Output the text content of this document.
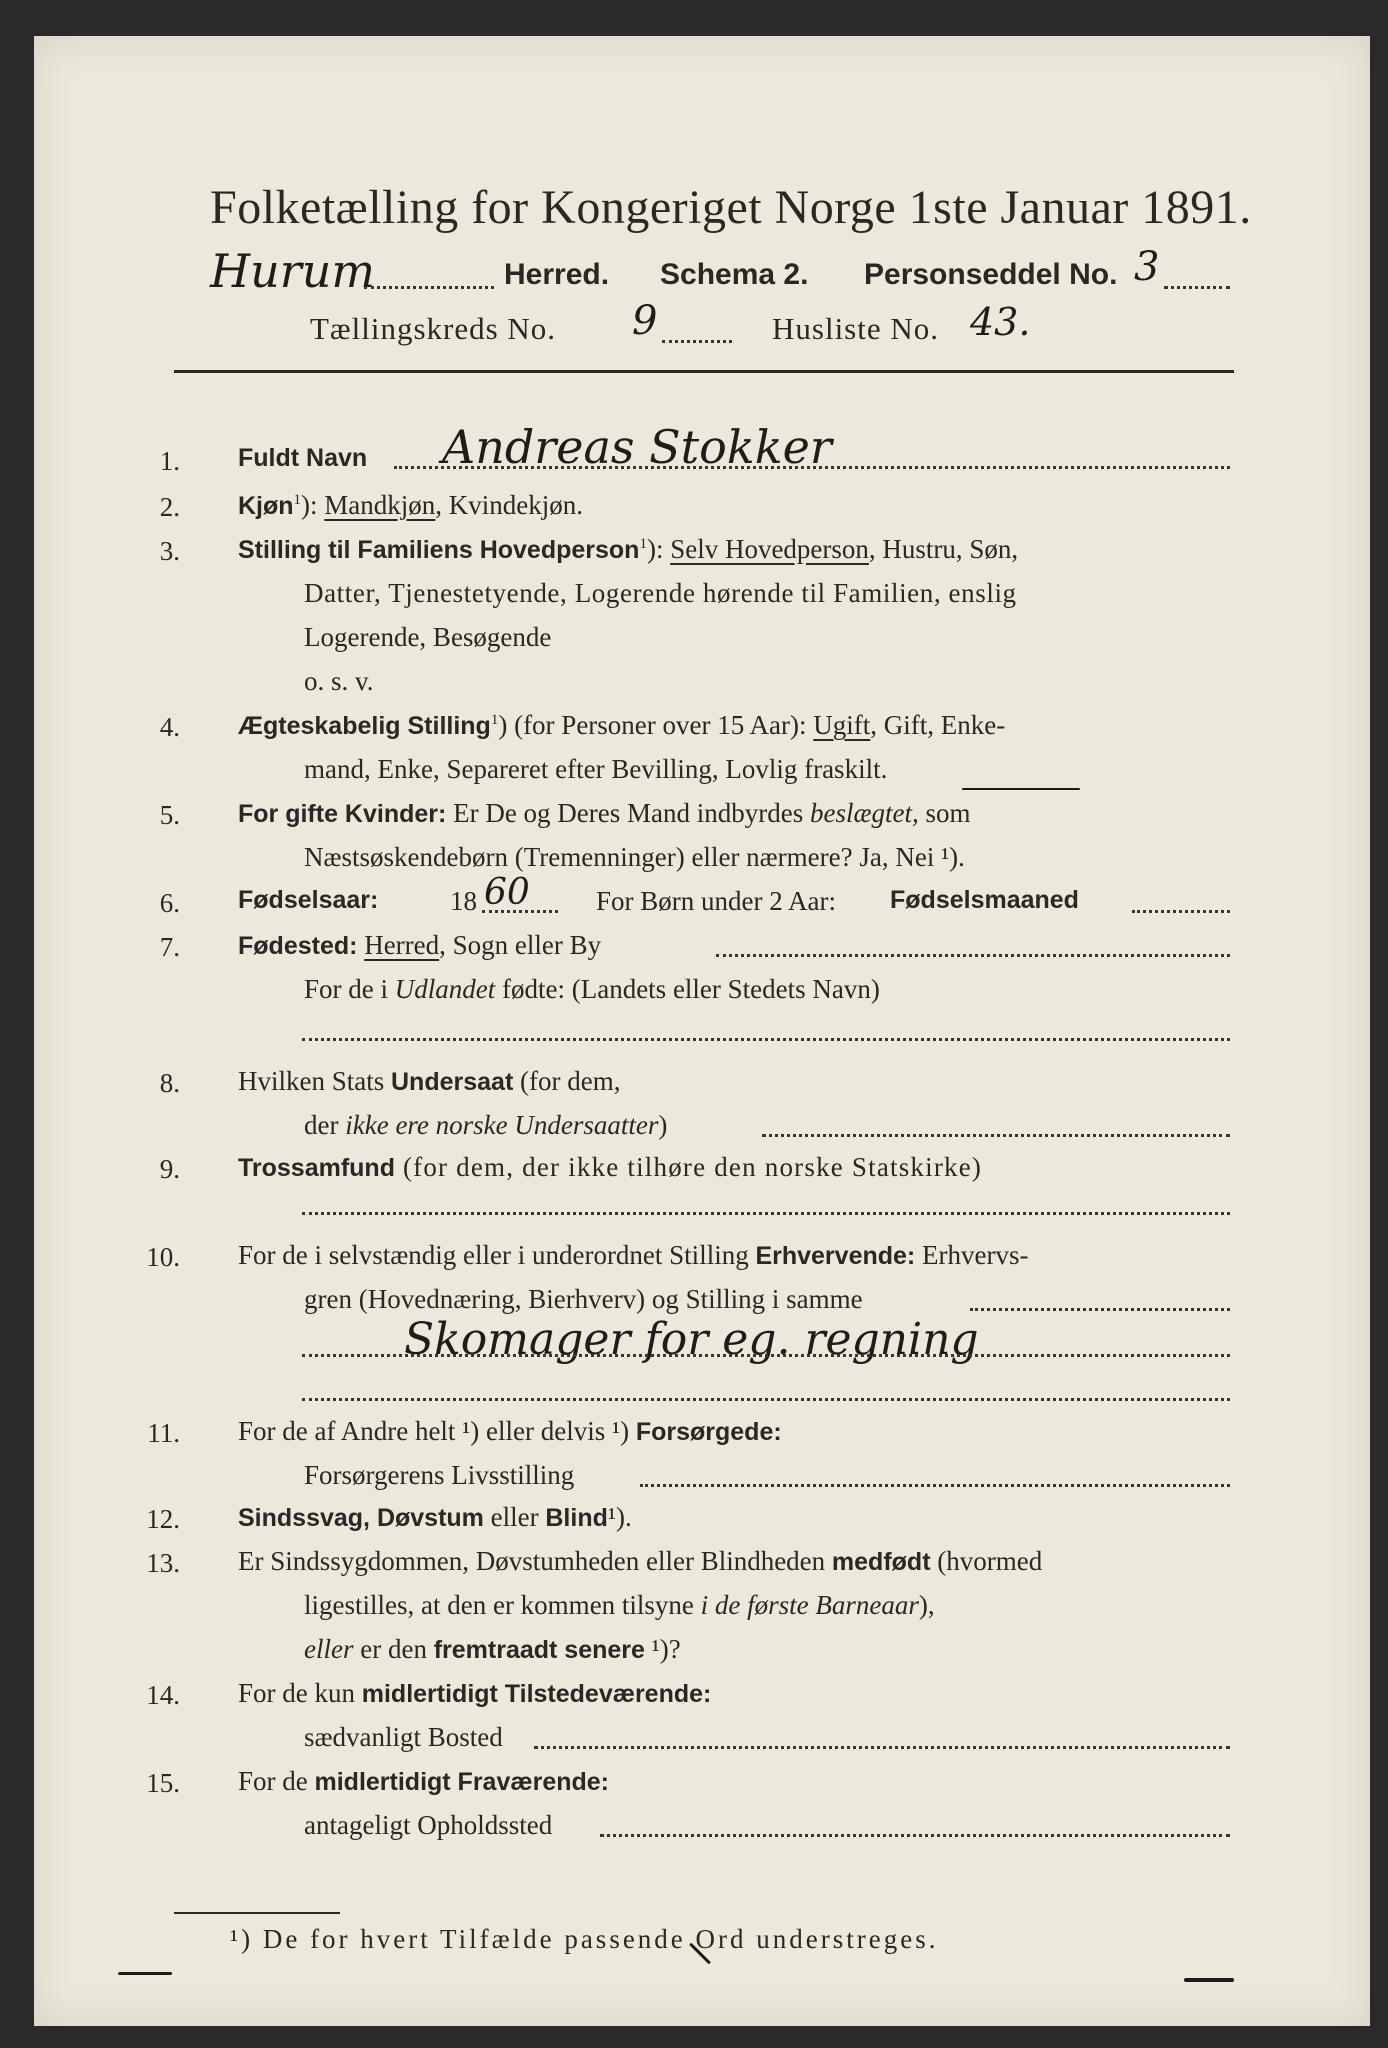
Folketælling for Kongeriget Norge 1ste Januar 1891.
Hurum	Herred. Schema 2. Personseddel No. 3
Tællingskreds No. 9	Husliste No. 43.
1. Fuldt Navn Andreas Stokker
2. Kjøn$^1$): Mandkjøn, Kvindekjøn.
3. Stilling til Familiens Hovedperson$^1$): Selv Hovedperson, Hustru, Søn,
Datter, Tjenestetyende, Logerende hørende til Familien, enslig
Logerende, Besøgende
o. s. v.
4. Ægteskabelig Stilling$^1$) (for Personer over 15 Aar): Ugift, Gift, Enke-
mand, Enke, Separeret efter Bevilling, Lovlig fraskilt.
5. For gifte Kvinder: Er De og Deres Mand indbyrdes beslægtet, som
Næstsøskendebørn (Tremenninger) eller nærmere? Ja, Nei ¹).
6. Fødselsaar:	18 60 For Børn under 2 Aar: Fødselsmaaned
7. Fødested: Herred, Sogn eller By
For de i Udlandet fødte: (Landets eller Stedets Navn)
8. Hvilken Stats Undersaat (for dem,
der ikke ere norske Undersaatter)
9. Trossamfund (for dem, der ikke tilhøre den norske Statskirke)
10. For de i selvstændig eller i underordnet Stilling Erhvervende: Erhvervs-
gren (Hovednæring, Bierhverv) og Stilling i samme
Skomager for eg. regning
11. For de af Andre helt ¹) eller delvis ¹) Forsørgede:
Forsørgerens Livsstilling
12. Sindssvag, Døvstum eller Blind¹).
13. Er Sindssygdommen, Døvstumheden eller Blindheden medfødt (hvormed
ligestilles, at den er kommen tilsyne i de første Barneaar),
eller er den fremtraadt senere ¹)?
14. For de kun midlertidigt Tilstedeværende:
sædvanligt Bosted
15. For de midlertidigt Fraværende:
antageligt Opholdssted
¹) De for hvert Tilfælde passende Ord understreges.
